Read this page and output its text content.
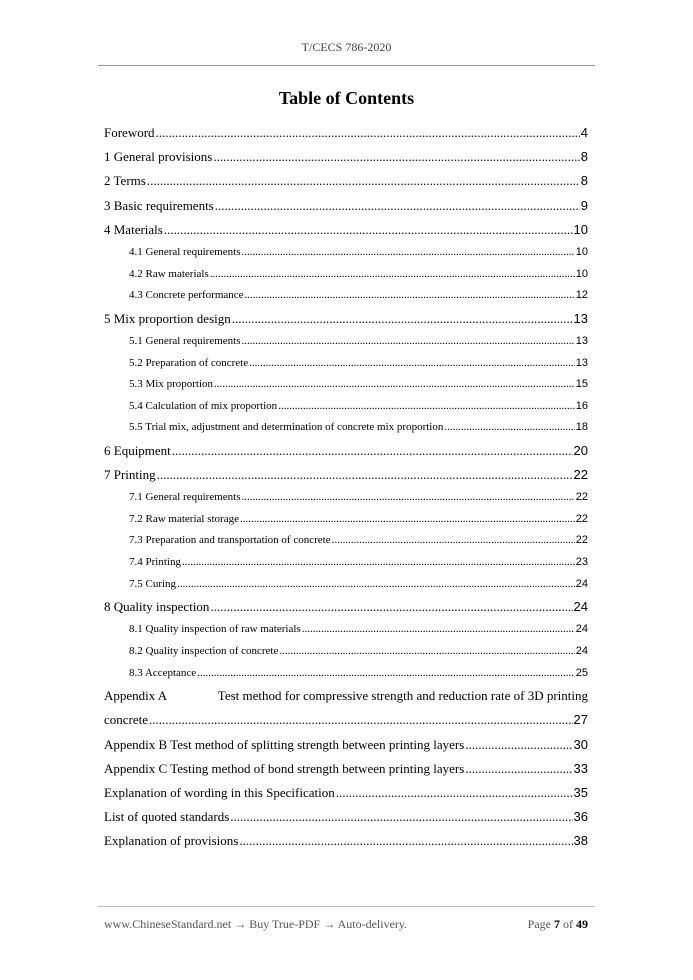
T/CECS 786-2020
Table of Contents
Foreword .....	4
1 General provisions .....	8
2 Terms .....	8
3 Basic requirements .....	9
4 Materials .....	10
4.1 General requirements .....	10
4.2 Raw materials .....	10
4.3 Concrete performance .....	12
5 Mix proportion design .....	13
5.1 General requirements .....	13
5.2 Preparation of concrete .....	13
5.3 Mix proportion .....	15
5.4 Calculation of mix proportion .....	16
5.5 Trial mix, adjustment and determination of concrete mix proportion .....	18
6 Equipment .....	20
7 Printing .....	22
7.1 General requirements .....	22
7.2 Raw material storage .....	22
7.3 Preparation and transportation of concrete .....	22
7.4 Printing .....	23
7.5 Curing .....	24
8 Quality inspection .....	24
8.1 Quality inspection of raw materials .....	24
8.2 Quality inspection of concrete .....	24
8.3 Acceptance .....	25
Appendix A	Test method for compressive strength and reduction rate of 3D printing
concrete .....	27
Appendix B Test method of splitting strength between printing layers .....	30
Appendix C Testing method of bond strength between printing layers .....	33
Explanation of wording in this Specification .....	35
List of quoted standards .....	36
Explanation of provisions .....	38
www.ChineseStandard.net → Buy True-PDF → Auto-delivery.	Page 7 of 49
